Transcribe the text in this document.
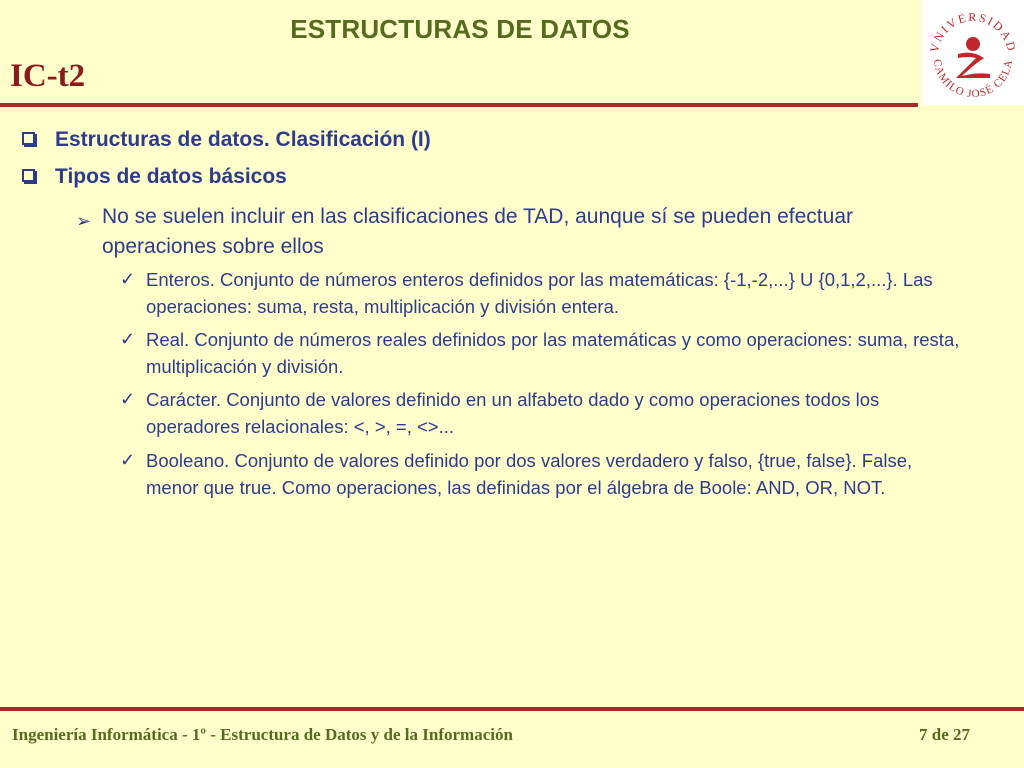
ESTRUCTURAS DE DATOS
IC-t2
VNIVERSIDAD
CAMILO JOSÉ CELA
Estructuras de datos. Clasificación (I)
Tipos de datos básicos
➢ No se suelen incluir en las clasificaciones de TAD, aunque sí se pueden efectuar operaciones sobre ellos
✓ Enteros. Conjunto de números enteros definidos por las matemáticas: {-1,-2,...} U {0,1,2,...}. Las operaciones: suma, resta, multiplicación y división entera.
✓ Real. Conjunto de números reales definidos por las matemáticas y como operaciones: suma, resta, multiplicación y división.
✓ Carácter. Conjunto de valores definido en un alfabeto dado y como operaciones todos los operadores relacionales: <, >, =, <>...
✓ Booleano. Conjunto de valores definido por dos valores verdadero y falso, {true, false}. False, menor que true. Como operaciones, las definidas por el álgebra de Boole: AND, OR, NOT.
Ingeniería Informática - 1º - Estructura de Datos y de la Información	7 de 27
